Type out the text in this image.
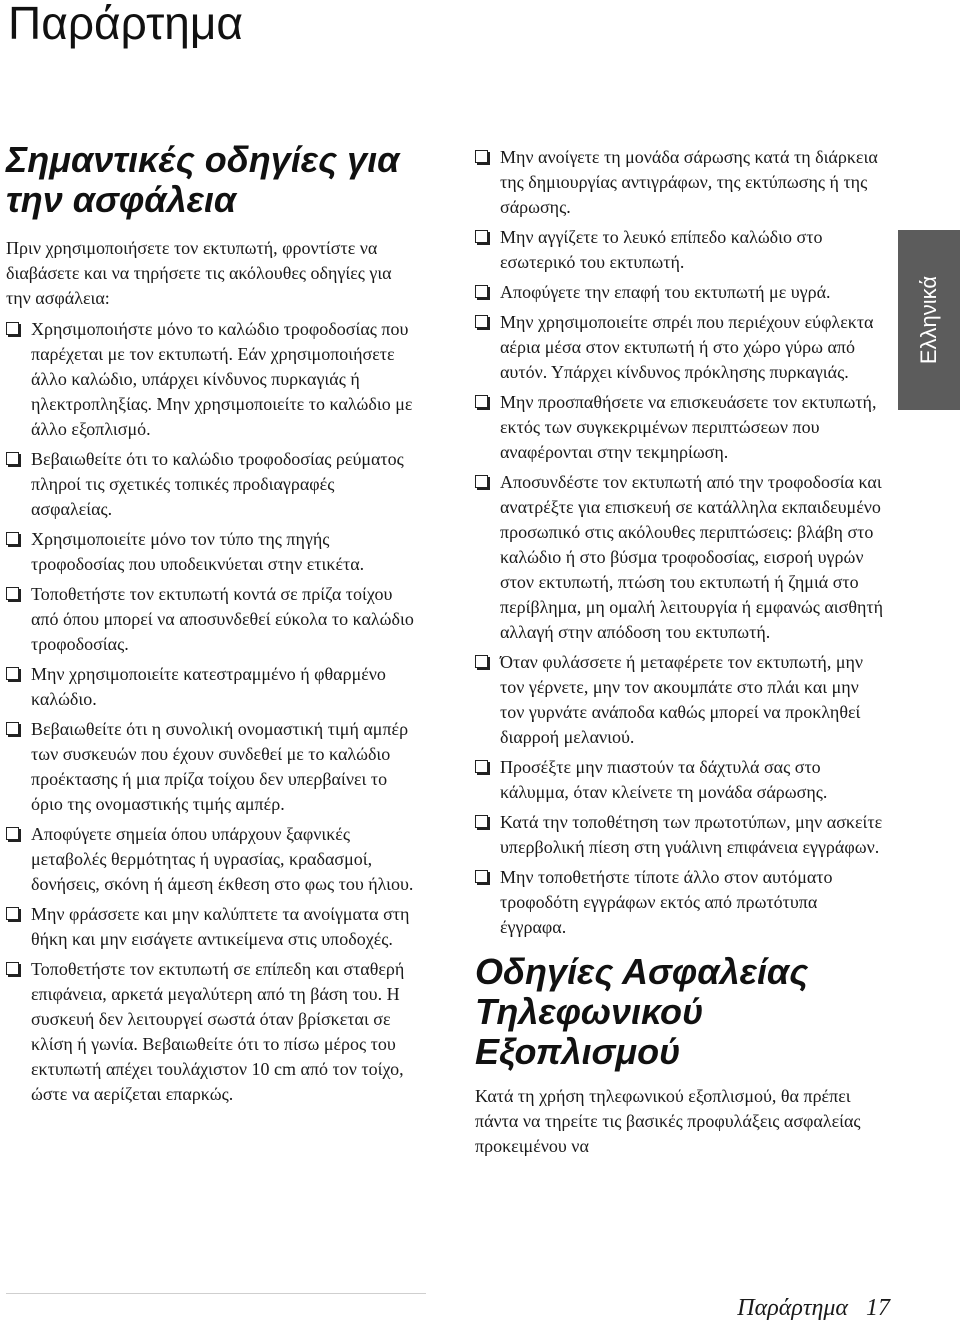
Παράρτημα
Σημαντικές οδηγίες για την ασφάλεια

Πριν χρησιμοποιήσετε τον εκτυπωτή, φροντίστε να διαβάσετε και να τηρήσετε τις ακόλουθες οδηγίες για την ασφάλεια:

Χρησιμοποιήστε μόνο το καλώδιο τροφοδοσίας που παρέχεται με τον εκτυπωτή. Εάν χρησιμοποιήσετε άλλο καλώδιο, υπάρχει κίνδυνος πυρκαγιάς ή ηλεκτροπληξίας. Μην χρησιμοποιείτε το καλώδιο με άλλο εξοπλισμό.
Βεβαιωθείτε ότι το καλώδιο τροφοδοσίας ρεύματος πληροί τις σχετικές τοπικές προδιαγραφές ασφαλείας.
Χρησιμοποιείτε μόνο τον τύπο της πηγής τροφοδοσίας που υποδεικνύεται στην ετικέτα.
Τοποθετήστε τον εκτυπωτή κοντά σε πρίζα τοίχου από όπου μπορεί να αποσυνδεθεί εύκολα το καλώδιο τροφοδοσίας.
Μην χρησιμοποιείτε κατεστραμμένο ή φθαρμένο καλώδιο.
Βεβαιωθείτε ότι η συνολική ονομαστική τιμή αμπέρ των συσκευών που έχουν συνδεθεί με το καλώδιο προέκτασης ή μια πρίζα τοίχου δεν υπερβαίνει το όριο της ονομαστικής τιμής αμπέρ.
Αποφύγετε σημεία όπου υπάρχουν ξαφνικές μεταβολές θερμότητας ή υγρασίας, κραδασμοί, δονήσεις, σκόνη ή άμεση έκθεση στο φως του ήλιου.
Μην φράσσετε και μην καλύπτετε τα ανοίγματα στη θήκη και μην εισάγετε αντικείμενα στις υποδοχές.
Τοποθετήστε τον εκτυπωτή σε επίπεδη και σταθερή επιφάνεια, αρκετά μεγαλύτερη από τη βάση του. Η συσκευή δεν λειτουργεί σωστά όταν βρίσκεται σε κλίση ή γωνία. Βεβαιωθείτε ότι το πίσω μέρος του εκτυπωτή απέχει τουλάχιστον 10 cm από τον τοίχο, ώστε να αερίζεται επαρκώς.
Μην ανοίγετε τη μονάδα σάρωσης κατά τη διάρκεια της δημιουργίας αντιγράφων, της εκτύπωσης ή της σάρωσης.
Μην αγγίζετε το λευκό επίπεδο καλώδιο στο εσωτερικό του εκτυπωτή.
Αποφύγετε την επαφή του εκτυπωτή με υγρά.
Μην χρησιμοποιείτε σπρέι που περιέχουν εύφλεκτα αέρια μέσα στον εκτυπωτή ή στο χώρο γύρω από αυτόν. Υπάρχει κίνδυνος πρόκλησης πυρκαγιάς.
Μην προσπαθήσετε να επισκευάσετε τον εκτυπωτή, εκτός των συγκεκριμένων περιπτώσεων που αναφέρονται στην τεκμηρίωση.
Αποσυνδέστε τον εκτυπωτή από την τροφοδοσία και ανατρέξτε για επισκευή σε κατάλληλα εκπαιδευμένο προσωπικό στις ακόλουθες περιπτώσεις: βλάβη στο καλώδιο ή στο βύσμα τροφοδοσίας, εισροή υγρών στον εκτυπωτή, πτώση του εκτυπωτή ή ζημιά στο περίβλημα, μη ομαλή λειτουργία ή εμφανώς αισθητή αλλαγή στην απόδοση του εκτυπωτή.
Όταν φυλάσσετε ή μεταφέρετε τον εκτυπωτή, μην τον γέρνετε, μην τον ακουμπάτε στο πλάι και μην τον γυρνάτε ανάποδα καθώς μπορεί να προκληθεί διαρροή μελανιού.
Προσέξτε μην πιαστούν τα δάχτυλά σας στο κάλυμμα, όταν κλείνετε τη μονάδα σάρωσης.
Κατά την τοποθέτηση των πρωτοτύπων, μην ασκείτε υπερβολική πίεση στη γυάλινη επιφάνεια εγγράφων.
Μην τοποθετήστε τίποτε άλλο στον αυτόματο τροφοδότη εγγράφων εκτός από πρωτότυπα έγγραφα.
Οδηγίες Ασφαλείας Τηλεφωνικού Εξοπλισμού

Κατά τη χρήση τηλεφωνικού εξοπλισμού, θα πρέπει πάντα να τηρείτε τις βασικές προφυλάξεις ασφαλείας προκειμένου να

Ελληνικά
Παράρτημα 17
